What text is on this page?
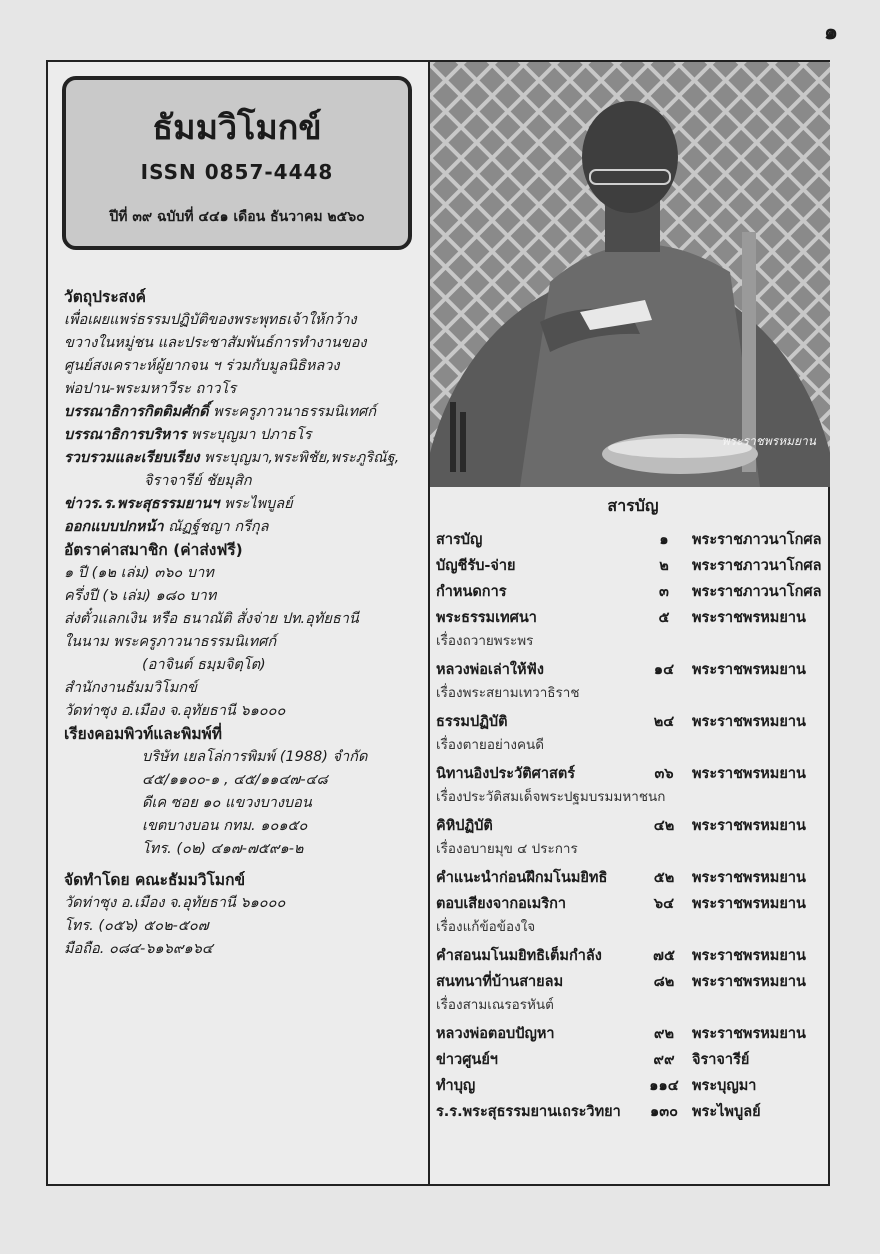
๑
ธัมมวิโมกข์
ISSN 0857-4448
ปีที่ ๓๙ ฉบับที่ ๔๔๑ เดือน ธันวาคม ๒๕๖๐
วัตถุประสงค์
เพื่อเผยแพร่ธรรมปฏิบัติของพระพุทธเจ้าให้กว้าง
ขวางในหมู่ชน และประชาสัมพันธ์การทำงานของ
ศูนย์สงเคราะห์ผู้ยากจน ฯ ร่วมกับมูลนิธิหลวง
พ่อปาน-พระมหาวีระ ถาวโร
บรรณาธิการกิตติมศักดิ์ พระครูภาวนาธรรมนิเทศก์
บรรณาธิการบริหาร พระบุญมา ปภาธโร
รวบรวมและเรียบเรียง พระบุญมา,พระพิชัย,พระภูริณัฐ,
จิราจารีย์ ชัยมุสิก
ข่าวร.ร.พระสุธรรมยานฯ พระไพบูลย์
ออกแบบปกหน้า ณัฏฐ์ชญา กรีกุล
อัตราค่าสมาชิก (ค่าส่งฟรี)
๑ ปี (๑๒ เล่ม) ๓๖๐ บาท
ครึ่งปี (๖ เล่ม) ๑๘๐ บาท
ส่งตั๋วแลกเงิน หรือ ธนาณัติ สั่งจ่าย ปท.อุทัยธานี
ในนาม พระครูภาวนาธรรมนิเทศก์
(อาจินต์ ธมฺมจิตฺโต)
สำนักงานธัมมวิโมกข์
วัดท่าซุง อ.เมือง จ.อุทัยธานี ๖๑๐๐๐
เรียงคอมพิวท์และพิมพ์ที่
บริษัท เยลโล่การพิมพ์ (1988) จำกัด
๔๕/๑๑๐๐-๑ , ๔๕/๑๑๔๗-๔๘
ดีเค ซอย ๑๐ แขวงบางบอน
เขตบางบอน กทม. ๑๐๑๕๐
โทร. (๐๒) ๔๑๗-๗๕๙๑-๒
จัดทำโดย คณะธัมมวิโมกข์
วัดท่าซุง อ.เมือง จ.อุทัยธานี ๖๑๐๐๐
โทร. (๐๕๖) ๕๐๒-๕๐๗
มือถือ. ๐๘๔-๖๑๖๙๑๖๔
พระราชพรหมยาน
สารบัญ
สารบัญ	๑	พระราชภาวนาโกศล
บัญชีรับ-จ่าย	๒	พระราชภาวนาโกศล
กำหนดการ	๓	พระราชภาวนาโกศล
พระธรรมเทศนา	๕	พระราชพรหมยาน
เรื่องถวายพระพร
หลวงพ่อเล่าให้ฟัง	๑๔	พระราชพรหมยาน
เรื่องพระสยามเทวาธิราช
ธรรมปฏิบัติ	๒๔	พระราชพรหมยาน
เรื่องตายอย่างคนดี
นิทานอิงประวัติศาสตร์	๓๖	พระราชพรหมยาน
เรื่องประวัติสมเด็จพระปฐมบรมมหาชนก
คิหิปฏิบัติ	๔๒	พระราชพรหมยาน
เรื่องอบายมุข ๔ ประการ
คำแนะนำก่อนฝึกมโนมยิทธิ	๕๒	พระราชพรหมยาน
ตอบเสียงจากอเมริกา	๖๔	พระราชพรหมยาน
เรื่องแก้ข้อข้องใจ
คำสอนมโนมยิทธิเต็มกำลัง	๗๕	พระราชพรหมยาน
สนทนาที่บ้านสายลม	๘๒	พระราชพรหมยาน
เรื่องสามเณรอรหันต์
หลวงพ่อตอบปัญหา	๙๒	พระราชพรหมยาน
ข่าวศูนย์ฯ	๙๙	จิราจารีย์
ทำบุญ	๑๑๔ พระบุญมา
ร.ร.พระสุธรรมยานเถระวิทยา	๑๓๐ พระไพบูลย์
